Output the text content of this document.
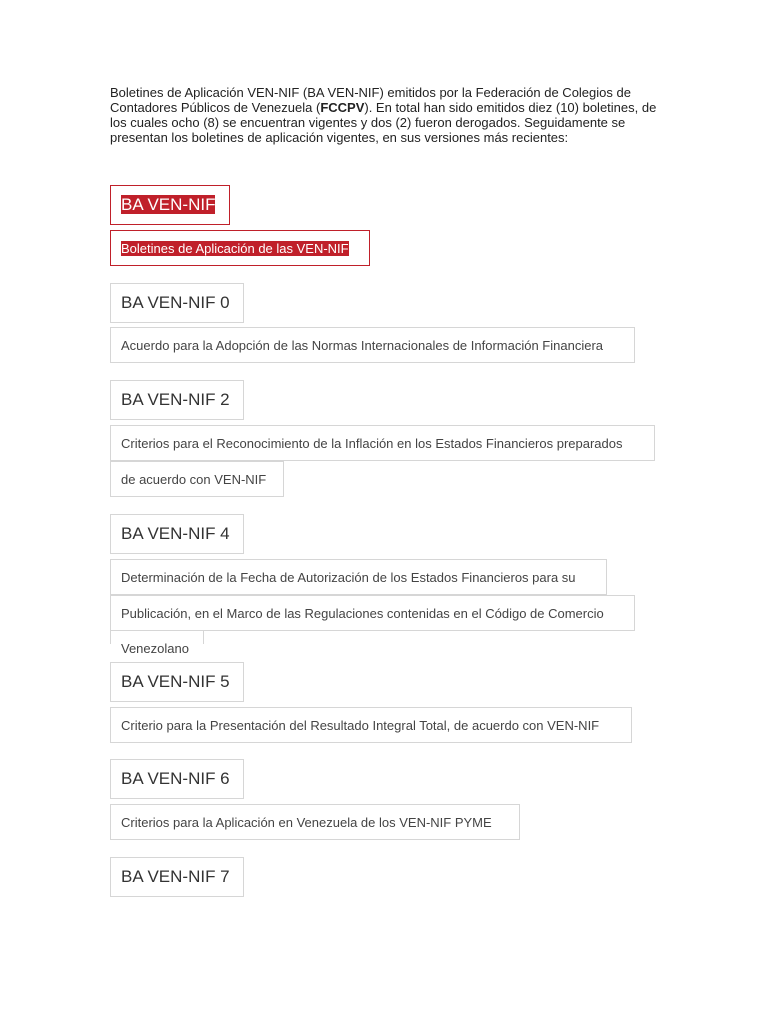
Boletines de Aplicación VEN-NIF (BA VEN-NIF) emitidos por la Federación de Colegios de Contadores Públicos de Venezuela (FCCPV). En total han sido emitidos diez (10) boletines, de los cuales ocho (8) se encuentran vigentes y dos (2) fueron derogados. Seguidamente se presentan los boletines de aplicación vigentes, en sus versiones más recientes:
BA VEN-NIF
Boletines de Aplicación de las VEN-NIF
BA VEN-NIF 0
Acuerdo para la Adopción de las Normas Internacionales de Información Financiera
BA VEN-NIF 2
Criterios para el Reconocimiento de la Inflación en los Estados Financieros preparados
de acuerdo con VEN-NIF
BA VEN-NIF 4
Determinación de la Fecha de Autorización de los Estados Financieros para su
Publicación, en el Marco de las Regulaciones contenidas en el Código de Comercio
Venezolano
BA VEN-NIF 5
Criterio para la Presentación del Resultado Integral Total, de acuerdo con VEN-NIF
BA VEN-NIF 6
Criterios para la Aplicación en Venezuela de los VEN-NIF PYME
BA VEN-NIF 7
